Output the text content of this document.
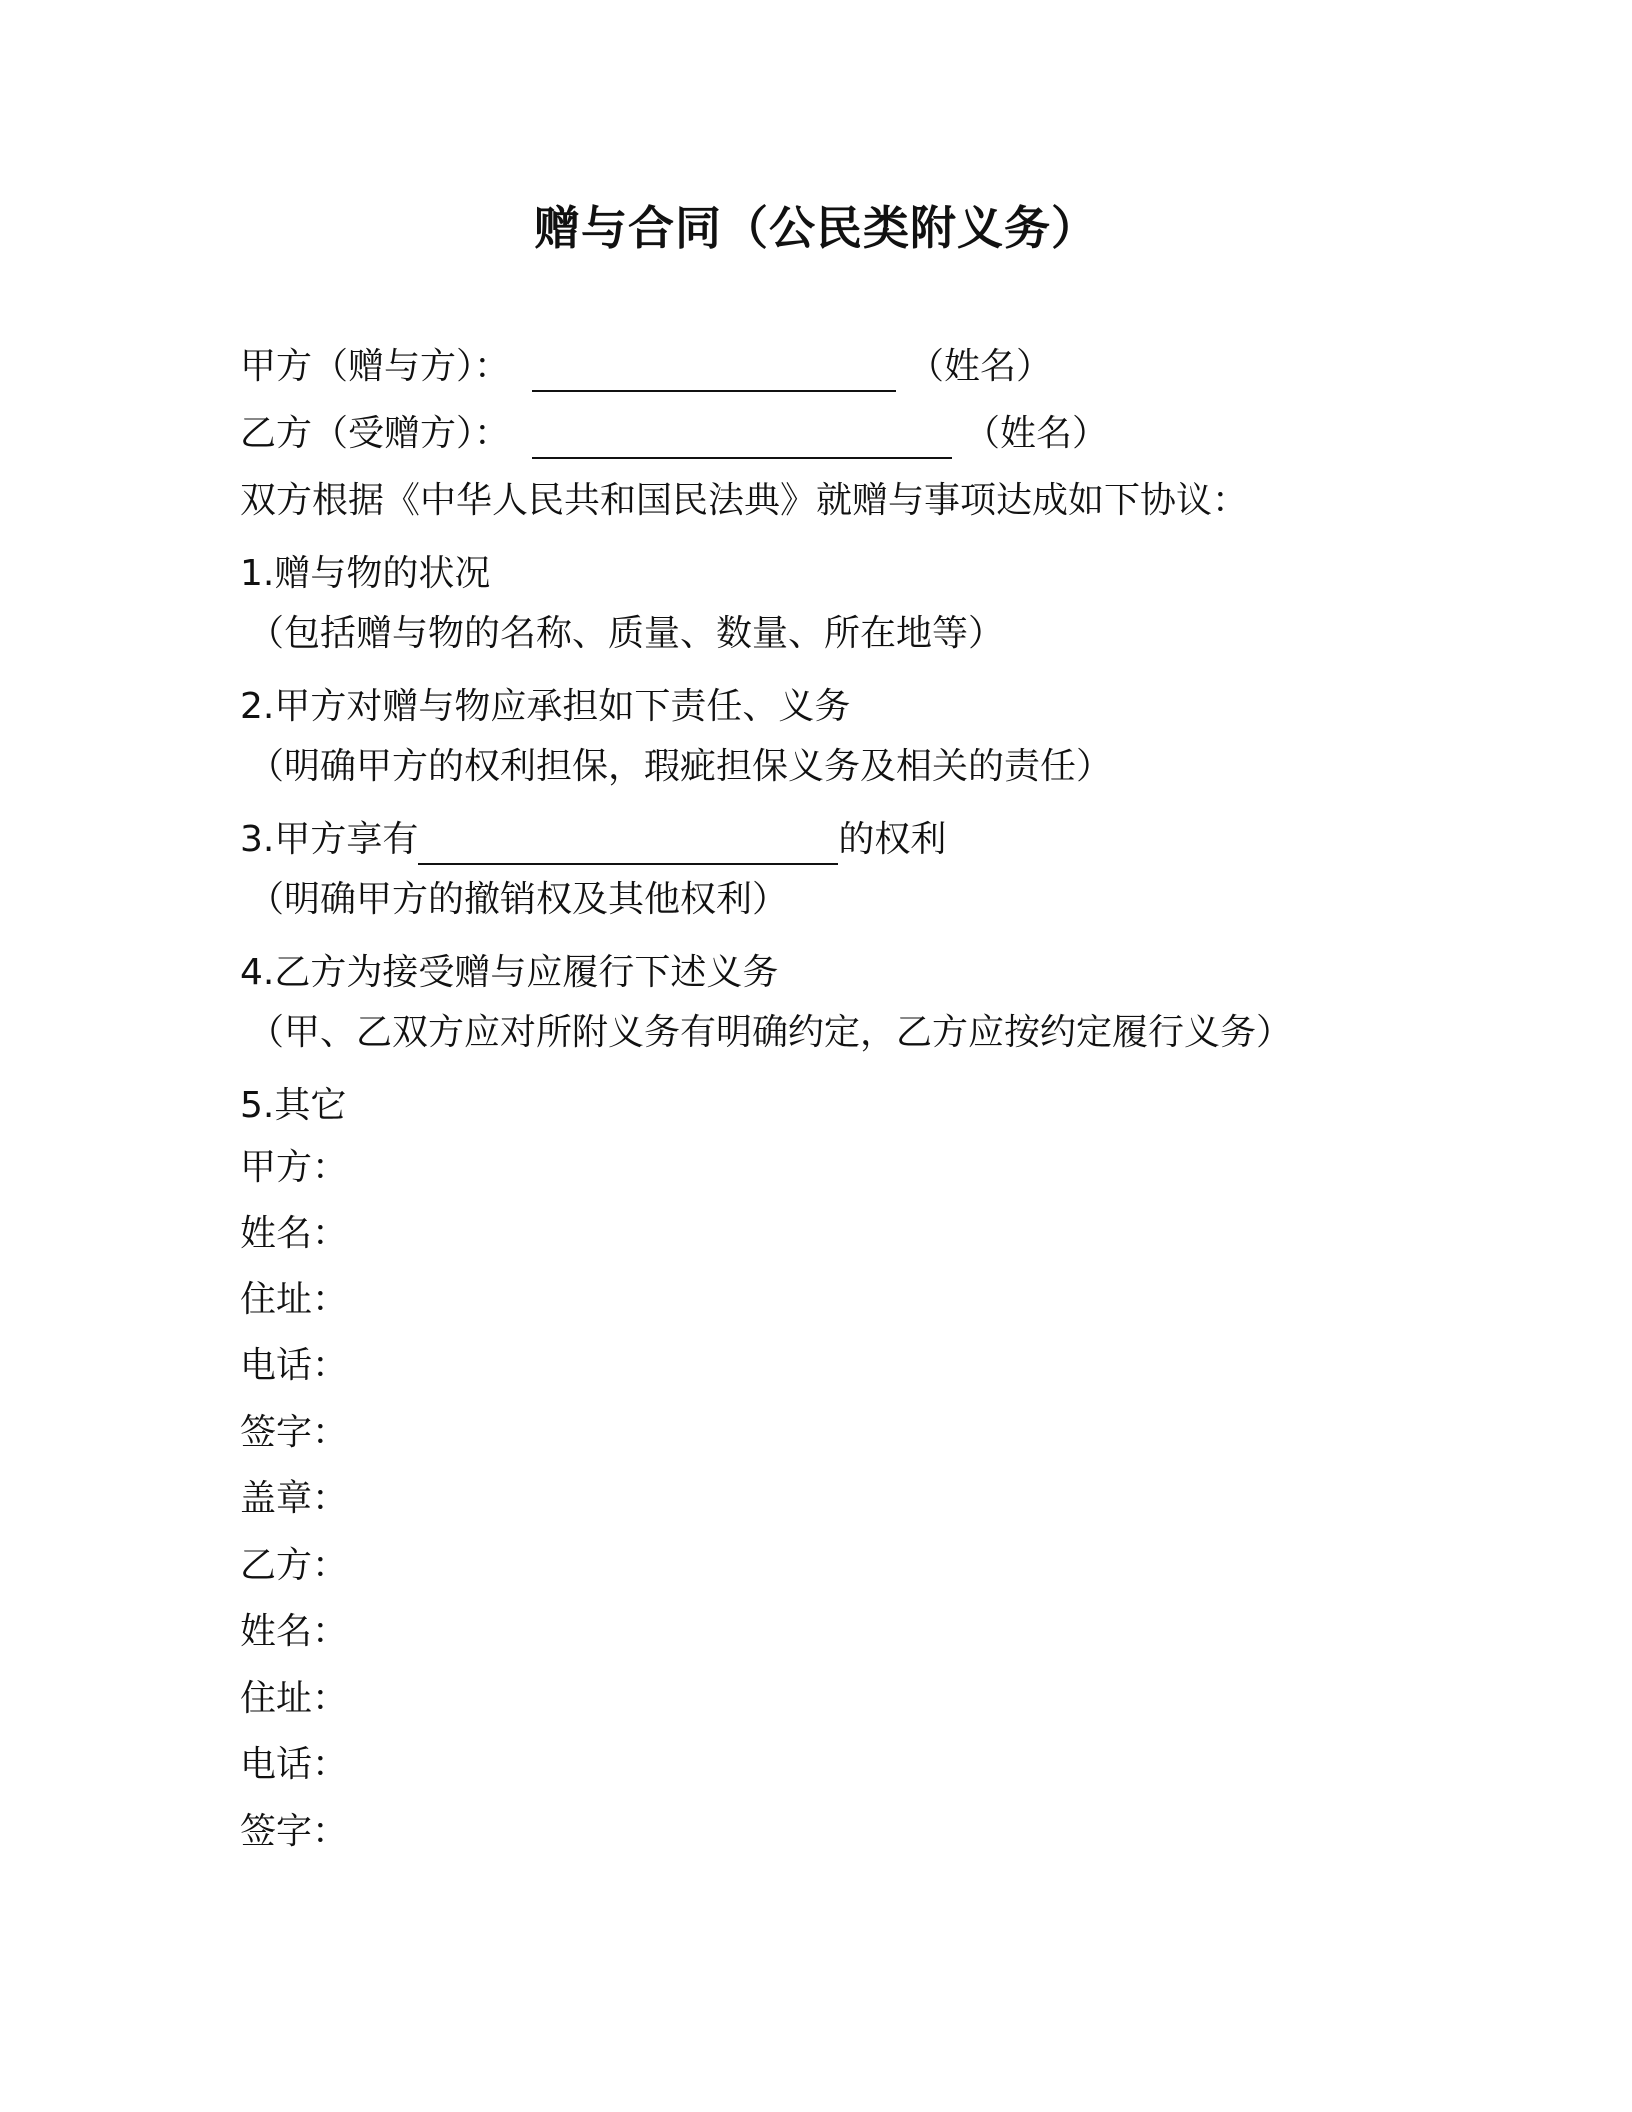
赠与合同（公民类附义务）
甲方（赠与方）：	（姓名）
乙方（受赠方）：	（姓名）
双方根据《中华人民共和国民法典》就赠与事项达成如下协议：
1.赠与物的状况
（包括赠与物的名称、质量、数量、所在地等）
2.甲方对赠与物应承担如下责任、义务
（明确甲方的权利担保，瑕疵担保义务及相关的责任）
3.甲方享有	的权利
（明确甲方的撤销权及其他权利）
4.乙方为接受赠与应履行下述义务
（甲、乙双方应对所附义务有明确约定，乙方应按约定履行义务）
5.其它
甲方：
姓名：
住址：
电话：
签字：
盖章：
乙方：
姓名：
住址：
电话：
签字：
